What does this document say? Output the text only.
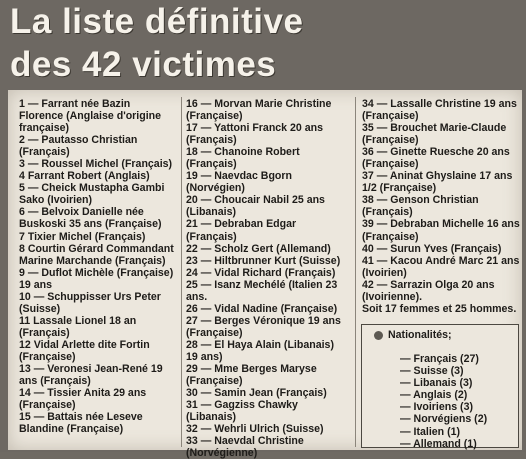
La liste définitive
des 42 victimes

1 — Farrant née Bazin Florence (Anglaise d'origine française)

2 — Pautasso Christian (Français)

3 — Roussel Michel (Français)

4 Farrant Robert (Anglais)

5 — Cheick Mustapha Gambi Sako (Ivoirien)

6 — Belvoix Danielle née Buskoski 35 ans (Française)

7 Tixier Michel (Français)

8 Courtin Gérard Commandant Marine Marchande (Français)

9 — Duflot Michèle (Française) 19 ans

10 — Schuppisser Urs Peter (Suisse)

11 Lassale Lionel 18 an (Français)

12 Vidal Arlette dite Fortin (Française)

13 — Veronesi Jean-René 19 ans (Français)

14 — Tissier Anita 29 ans (Française)

15 — Battais née Leseve Blandine (Française)

16 — Morvan Marie Christine (Française)

17 — Yattoni Franck 20 ans (Français)

18 — Chanoine Robert (Français)

19 — Naevdac Bgorn (Norvégien)

20 — Choucair Nabil 25 ans (Libanais)

21 — Debraban Edgar (Français)

22 — Scholz Gert (Allemand)

23 — Hiltbrunner Kurt (Suisse)

24 — Vidal Richard (Français)

25 — Isanz Mechélé (Italien 23 ans.

26 — Vidal Nadine (Française)

27 — Berges Véronique 19 ans (Française)

28 — El Haya Alain (Libanais) 19 ans)

29 — Mme Berges Maryse (Française)

30 — Samin Jean (Français)

31 — Gagziss Chawky (Libanais)

32 — Wehrli Ulrich (Suisse)

33 — Naevdal Christine (Norvégienne)

34 — Lassalle Christine 19 ans (Française)

35 — Brouchet Marie-Claude (Française)

36 — Ginette Ruesche 20 ans (Française)

37 — Aninat Ghyslaine 17 ans 1/2 (Française)

38 — Genson Christian (Français)

39 — Debraban Michelle 16 ans (Française)

40 — Surun Yves (Français)

41 — Kacou André Marc 21 ans (Ivoirien)

42 — Sarrazin Olga 20 ans (Ivoirienne).

Soit 17 femmes et 25 hommes.

Nationalités;
— Français (27)
— Suisse (3)
— Libanais (3)
— Anglais (2)
— Ivoiriens (3)
— Norvégiens (2)
— Italien (1)
— Allemand (1)
